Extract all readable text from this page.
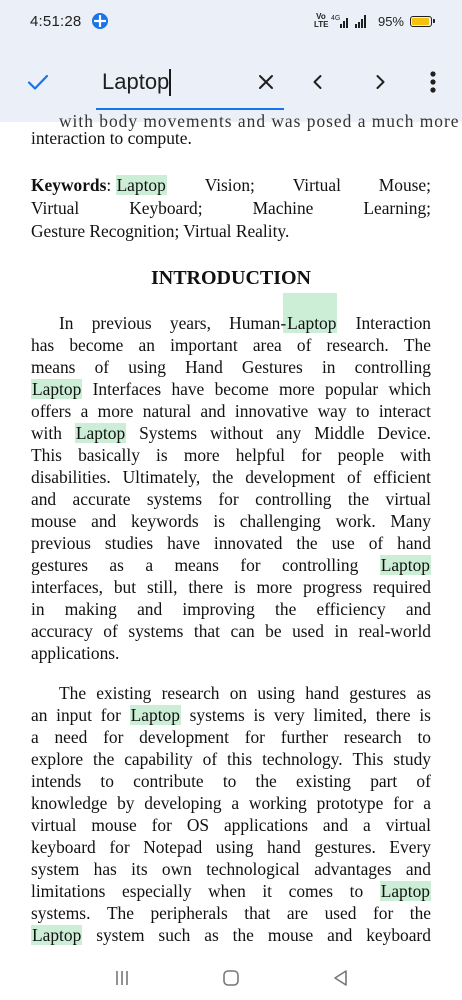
4:51:28	Vo LTE
4G	95%
Laptop
with body movements and was posed a much more
interaction to compute.
Keywords: Laptop Vision; Virtual Mouse;
Virtual	Keyboard;	Machine	Learning;
Gesture Recognition; Virtual Reality.
INTRODUCTION
In previous years, Human-Laptop Interaction
has become an important area of research. The
means of using Hand Gestures in controlling
Laptop Interfaces have become more popular which
offers a more natural and innovative way to interact
with Laptop Systems without any Middle Device.
This basically is more helpful for people with
disabilities. Ultimately, the development of efficient
and accurate systems for controlling the virtual
mouse and keywords is challenging work. Many
previous studies have innovated the use of hand
gestures as a means for controlling Laptop
interfaces, but still, there is more progress required
in making and improving the efficiency and
accuracy of systems that can be used in real-world
applications.
The existing research on using hand gestures as
an input for Laptop systems is very limited, there is
a need for development for further research to
explore the capability of this technology. This study
intends to contribute to the existing part of
knowledge by developing a working prototype for a
virtual mouse for OS applications and a virtual
keyboard for Notepad using hand gestures. Every
system has its own technological advantages and
limitations especially when it comes to Laptop
systems. The peripherals that are used for the
Laptop system such as the mouse and keyboard
